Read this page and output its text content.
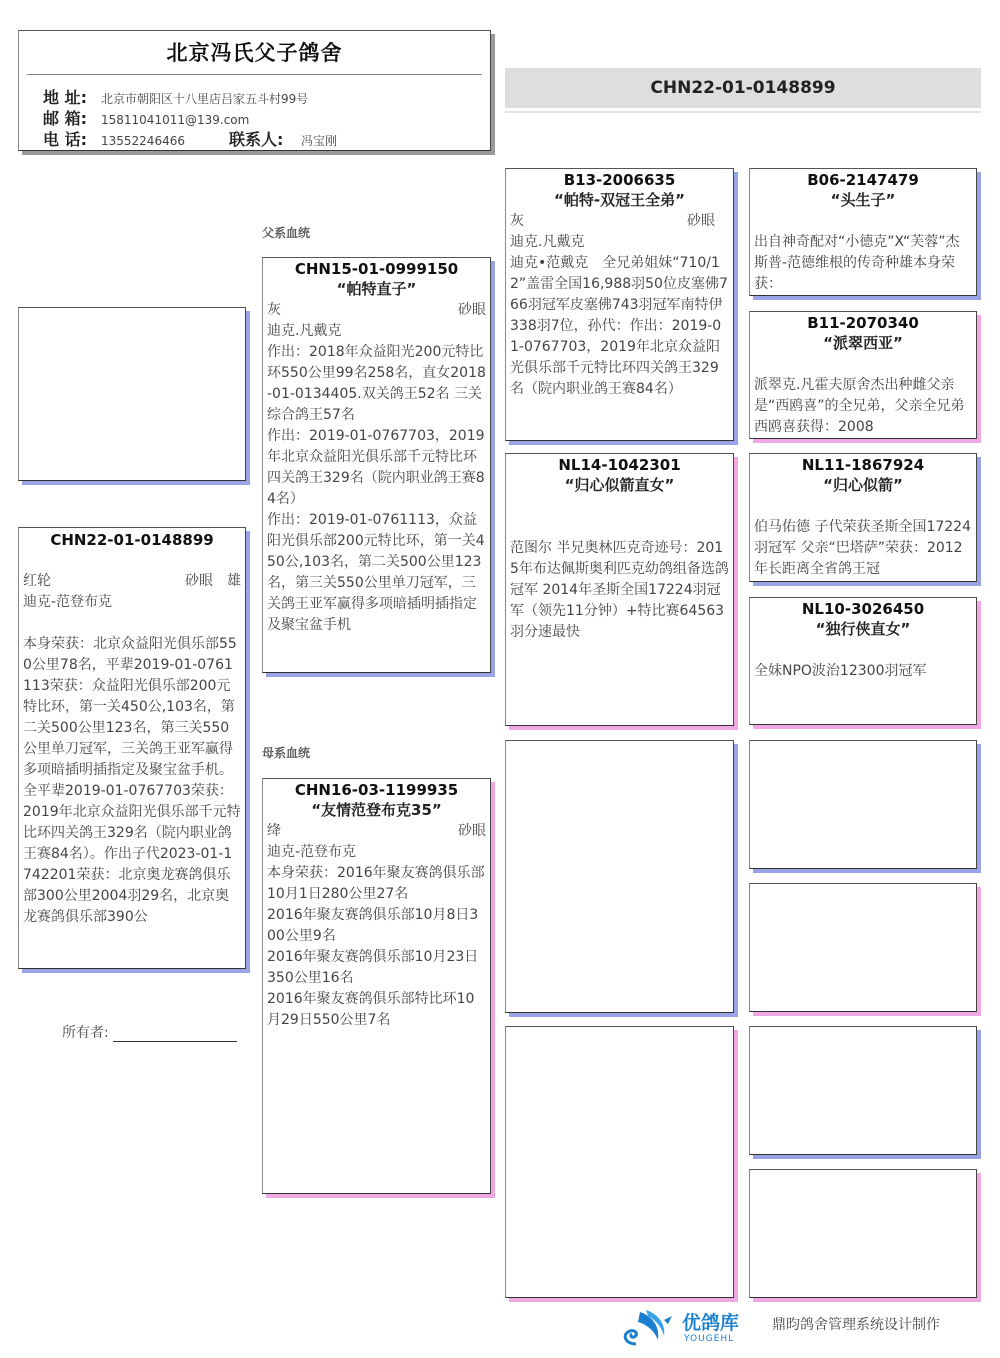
北京冯氏父子鸽舍
地 址:	北京市朝阳区十八里店吕家五斗村99号
邮 箱:	15811041011@139.com
电 话:	13552246466	联系人:	冯宝刚
CHN22-01-0148899
CHN22-01-0148899
红轮	砂眼 雄
迪克-范登布克
本身荣获：北京众益阳光俱乐部550公里78名，平辈2019-01-0761113荣获：众益阳光俱乐部200元特比环，第一关450公,103名，第二关500公里123名，第三关550公里单刀冠军，三关鸽王亚军赢得多项暗插明插指定及聚宝盆手机。全平辈2019-01-0767703荣获：2019年北京众益阳光俱乐部千元特比环四关鸽王329名（院内职业鸽王赛84名）。作出子代2023-01-1742201荣获：北京奥龙赛鸽俱乐部300公里2004羽29名，北京奥龙赛鸽俱乐部390公
所有者:
父系血统
CHN15-01-0999150
“帕特直子”
灰	砂眼
迪克.凡戴克
作出：2018年众益阳光200元特比环550公里99名258名，直女2018-01-0134405.双关鸽王52名 三关综合鸽王57名
作出：2019-01-0767703，2019年北京众益阳光俱乐部千元特比环四关鸽王329名（院内职业鸽王赛84名）
作出：2019-01-0761113，众益阳光俱乐部200元特比环，第一关450公,103名，第二关500公里123名，第三关550公里单刀冠军，三关鸽王亚军赢得多项暗插明插指定及聚宝盆手机
母系血统
CHN16-03-1199935
“友情范登布克35”
绛	砂眼
迪克-范登布克
本身荣获：2016年聚友赛鸽俱乐部10月1日280公里27名
2016年聚友赛鸽俱乐部10月8日300公里9名
2016年聚友赛鸽俱乐部10月23日350公里16名
2016年聚友赛鸽俱乐部特比环10月29日550公里7名
B13-2006635
“帕特-双冠王全弟”
灰	砂眼
迪克.凡戴克
迪克•范戴克　全兄弟姐妹“710/12”盖雷全国16,988羽50位皮塞佛766羽冠军皮塞佛743羽冠军南特伊338羽7位，孙代：作出：2019-01-0767703，2019年北京众益阳光俱乐部千元特比环四关鸽王329名（院内职业鸽王赛84名）
NL14-1042301
“归心似箭直女”
范图尔 半兄奥林匹克奇迹号：2015年布达佩斯奥利匹克幼鸽组备选鸽冠军 2014年圣斯全国17224羽冠军（领先11分钟）+特比赛64563羽分速最快
B06-2147479
“头生子”
出自神奇配对“小德克”X“芙蓉”杰斯普-范德维根的传奇种雄本身荣获：
B11-2070340
“派翠西亚”
派翠克.凡霍夫原舍杰出种雌父亲是“西鸥喜”的全兄弟，父亲全兄弟西鸥喜获得：2008
NL11-1867924
“归心似箭”
伯马佑德 子代荣获圣斯全国17224羽冠军 父亲“巴塔萨”荣获：2012年长距离全省鸽王冠
NL10-3026450
“独行侠直女”
全妹NPO波治12300羽冠军
优鸽库
YOUGEHL
鼎昀鸽舍管理系统设计制作
